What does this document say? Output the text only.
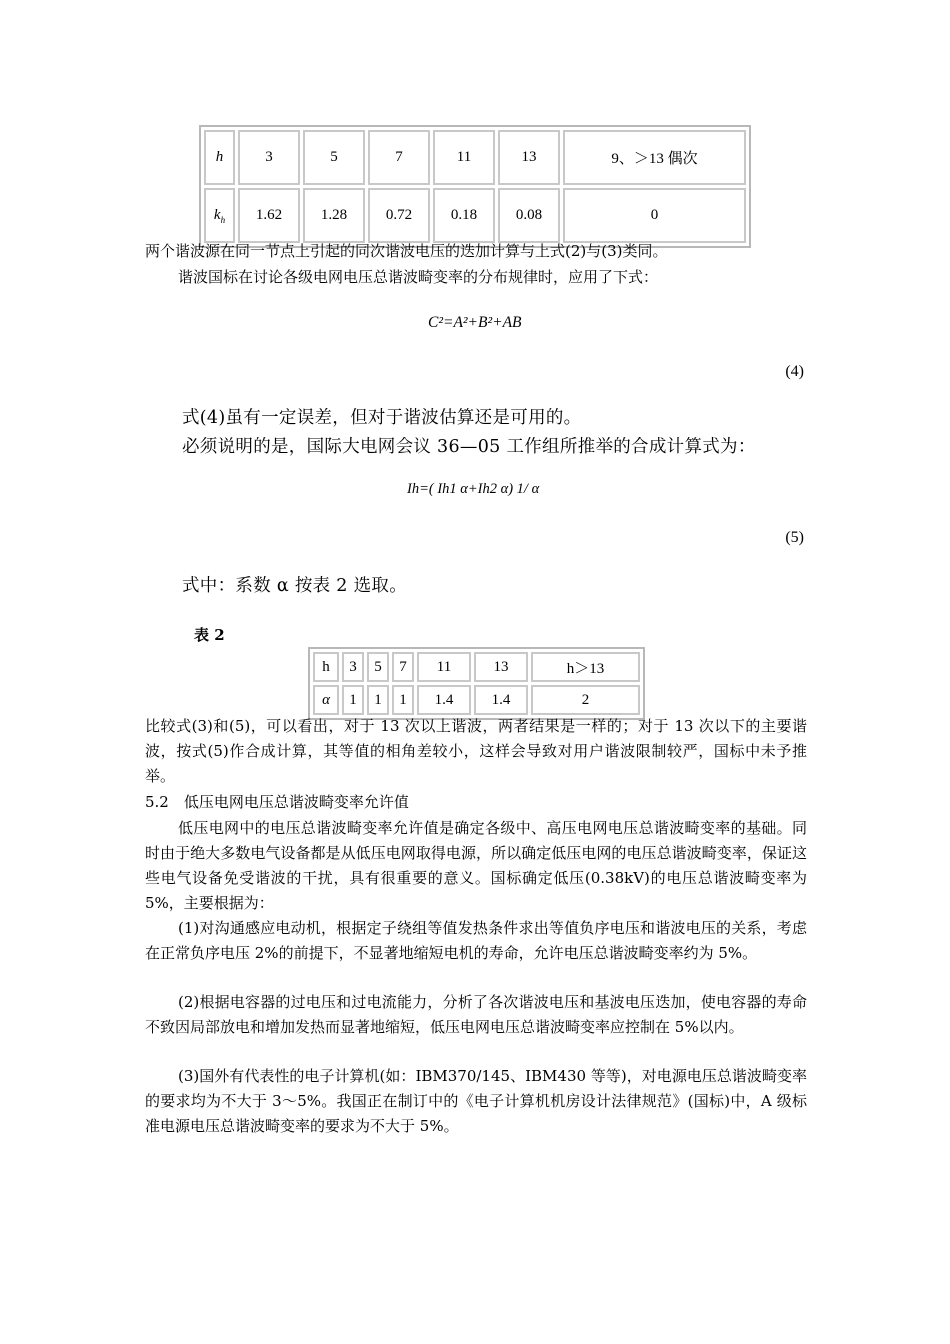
h	3	5	7	11	13	9、＞13 偶次
$k_h$	1.62	1.28	0.72	0.18	0.08	0
两个谐波源在同一节点上引起的同次谐波电压的迭加计算与上式(2)与(3)类同。
谐波国标在讨论各级电网电压总谐波畸变率的分布规律时，应用了下式：
C²=A²+B²+AB
(4)
式(4)虽有一定误差，但对于谐波估算还是可用的。
必须说明的是，国际大电网会议 36—05 工作组所推举的合成计算式为：
Ih=( Ih1 α+Ih2 α) 1/ α
(5)
式中：系数 α 按表 2 选取。
表 2
h	3	5	7	11	13	h＞13
α	1	1	1	1.4	1.4	2
比较式(3)和(5)，可以看出，对于 13 次以上谐波，两者结果是一样的；对于 13 次以下的主要谐波，按式(5)作合成计算，其等值的相角差较小，这样会导致对用户谐波限制较严，国标中未予推举。
5.2　低压电网电压总谐波畸变率允许值
低压电网中的电压总谐波畸变率允许值是确定各级中、高压电网电压总谐波畸变率的基础。同时由于绝大多数电气设备都是从低压电网取得电源，所以确定低压电网的电压总谐波畸变率，保证这些电气设备免受谐波的干扰，具有很重要的意义。国标确定低压(0.38kV)的电压总谐波畸变率为 5%，主要根据为：
(1)对沟通感应电动机，根据定子绕组等值发热条件求出等值负序电压和谐波电压的关系，考虑在正常负序电压 2%的前提下，不显著地缩短电机的寿命，允许电压总谐波畸变率约为 5%。
(2)根据电容器的过电压和过电流能力，分析了各次谐波电压和基波电压迭加，使电容器的寿命不致因局部放电和增加发热而显著地缩短，低压电网电压总谐波畸变率应控制在 5%以内。
(3)国外有代表性的电子计算机(如：IBM370/145、IBM430 等等)，对电源电压总谐波畸变率的要求均为不大于 3～5%。我国正在制订中的《电子计算机机房设计法律规范》(国标)中，A 级标准电源电压总谐波畸变率的要求为不大于 5%。
